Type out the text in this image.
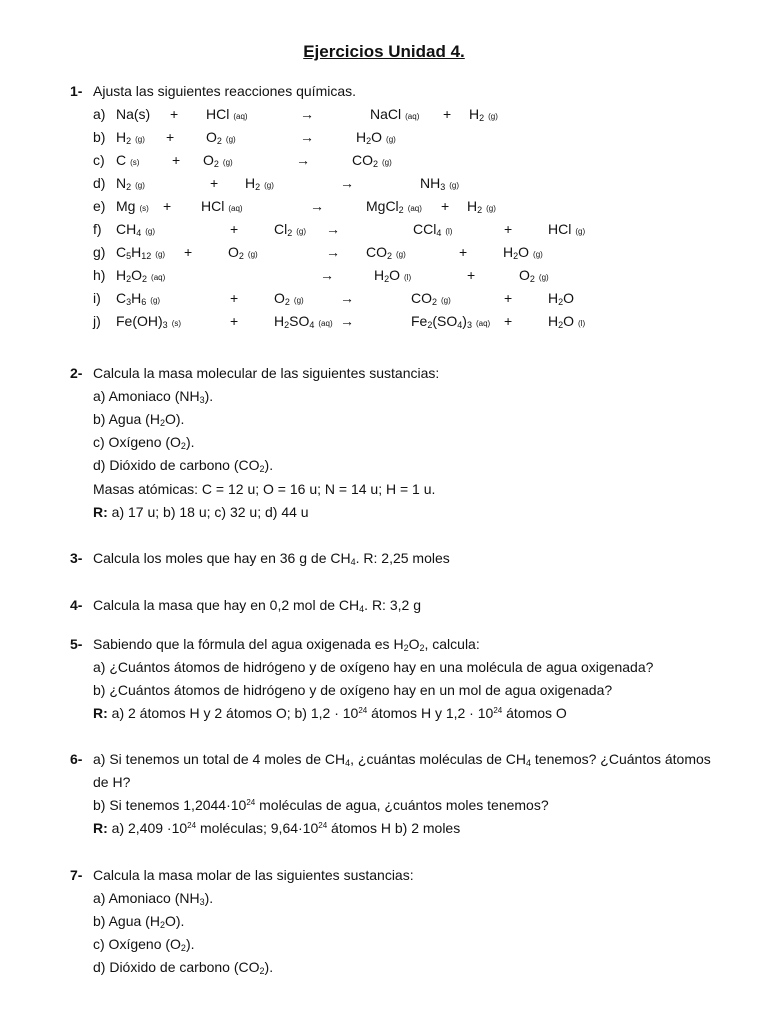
Ejercicios Unidad 4.
1- Ajusta las siguientes reacciones químicas.
a) Na(s) + HCl (aq)	→	NaCl $(aq) + H_2$ (g)
b) $H_2$ $(g) + O_2$ (g)	→	$H_2O$ (g)
c) C $(s) + O_2$ (g)	→	$CO_2$ (g)
d) $N_2$ (g)	+ $H_2$ (g)	→	$NH_3$ (g)
e) Mg (s) + HCl (aq)	→	MgCl$_2$ $(aq) + H_2$ (g)
f) $CH_4$ (g)	+	$Cl_2$ (g) →	CCl$_4$ (l)	+	HCl (g)
g) $C_5H_{12}$ (g) +	$O_2$ (g)	→ $CO_2$ (g)	+	$H_2O$ (g)
h) $H_2O_2$ (aq)	→	$H_2O$ (l)	+	$O_2$ (g)
i) $C_3H_6$ (g)	+	$O_2$ (g)	→	$CO_2$ (g)	+	$H_2O$
j) $Fe(OH)_3$ (s)	+	$H_2SO_4$ (aq) →	$Fe_2(SO_4)_3$ (aq) +	$H_2O$ (l)
2- Calcula la masa molecular de las siguientes sustancias:
a) Amoniaco $(NH_3)$.
b) Agua $(H_2O)$.
c) Oxígeno $(O_2)$.
d) Dióxido de carbono $(CO_2)$.
Masas atómicas: C = 12 u; O = 16 u; N = 14 u; H = 1 u.
R: a) 17 u; b) 18 u; c) 32 u; d) 44 u
3- Calcula los moles que hay en 36 g de $CH_4$. R: 2,25 moles
4- Calcula la masa que hay en 0,2 mol de $CH_4$. R: 3,2 g
5- Sabiendo que la fórmula del agua oxigenada es $H_2O_2$, calcula:
a) ¿Cuántos átomos de hidrógeno y de oxígeno hay en una molécula de agua oxigenada?
b) ¿Cuántos átomos de hidrógeno y de oxígeno hay en un mol de agua oxigenada?
R: a) 2 átomos H y 2 átomos O; b) $1,2 \cdot 10^{24}$ átomos H y $1,2 \cdot 10^{24}$ átomos O
6- a) Si tenemos un total de 4 moles de $CH_4$, ¿cuántas moléculas de $CH_4$ tenemos? ¿Cuántos átomos
de H?
b) Si tenemos $1,2044\cdot 10^{24}$ moléculas de agua, ¿cuántos moles tenemos?
R: a) $2,409 \cdot 10^{24}$ moléculas; $9,64\cdot 10^{24}$ átomos H b) 2 moles
7- Calcula la masa molar de las siguientes sustancias:
a) Amoniaco $(NH_3)$.
b) Agua $(H_2O)$.
c) Oxígeno $(O_2)$.
d) Dióxido de carbono $(CO_2)$.
